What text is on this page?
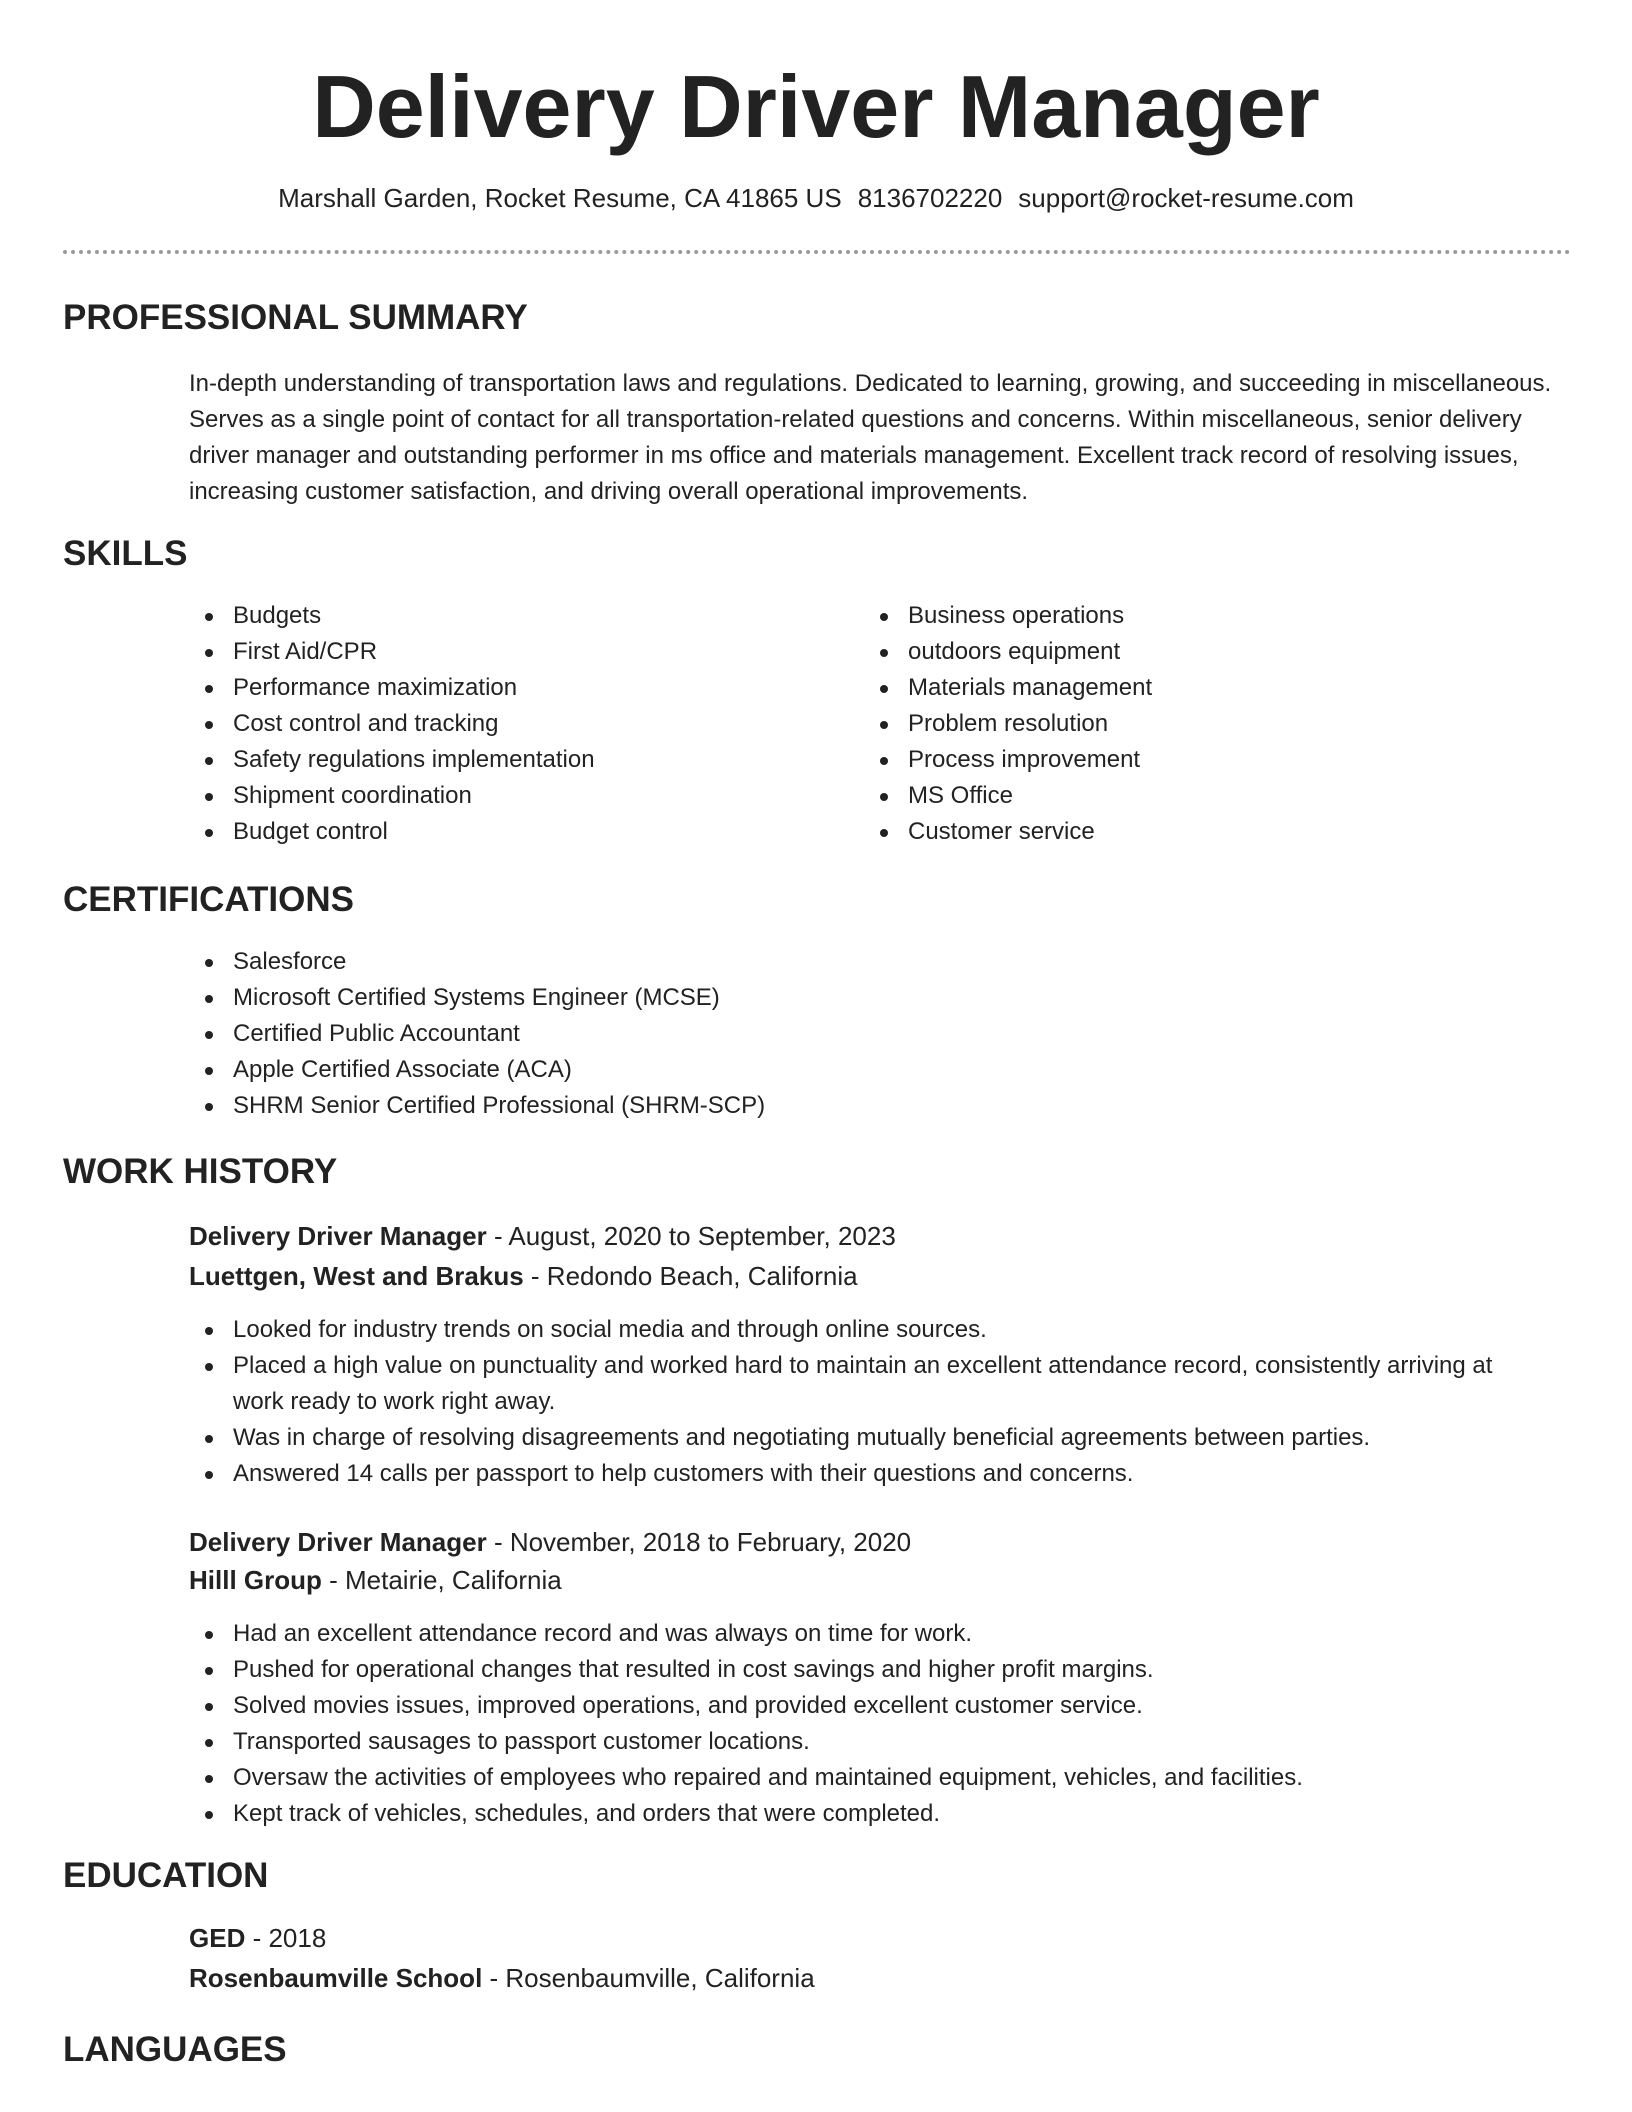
Delivery Driver Manager
Marshall Garden, Rocket Resume, CA 41865 US 8136702220 support@rocket-resume.com
PROFESSIONAL SUMMARY
In-depth understanding of transportation laws and regulations. Dedicated to learning, growing, and succeeding in miscellaneous. Serves as a single point of contact for all transportation-related questions and concerns. Within miscellaneous, senior delivery driver manager and outstanding performer in ms office and materials management. Excellent track record of resolving issues, increasing customer satisfaction, and driving overall operational improvements.
SKILLS
Budgets
First Aid/CPR
Performance maximization
Cost control and tracking
Safety regulations implementation
Shipment coordination
Budget control
Business operations
outdoors equipment
Materials management
Problem resolution
Process improvement
MS Office
Customer service
CERTIFICATIONS
Salesforce
Microsoft Certified Systems Engineer (MCSE)
Certified Public Accountant
Apple Certified Associate (ACA)
SHRM Senior Certified Professional (SHRM-SCP)
WORK HISTORY
Delivery Driver Manager - August, 2020 to September, 2023
Luettgen, West and Brakus - Redondo Beach, California
Looked for industry trends on social media and through online sources.
Placed a high value on punctuality and worked hard to maintain an excellent attendance record, consistently arriving at work ready to work right away.
Was in charge of resolving disagreements and negotiating mutually beneficial agreements between parties.
Answered 14 calls per passport to help customers with their questions and concerns.
Delivery Driver Manager - November, 2018 to February, 2020
Hilll Group - Metairie, California
Had an excellent attendance record and was always on time for work.
Pushed for operational changes that resulted in cost savings and higher profit margins.
Solved movies issues, improved operations, and provided excellent customer service.
Transported sausages to passport customer locations.
Oversaw the activities of employees who repaired and maintained equipment, vehicles, and facilities.
Kept track of vehicles, schedules, and orders that were completed.
EDUCATION
GED - 2018
Rosenbaumville School - Rosenbaumville, California
LANGUAGES
